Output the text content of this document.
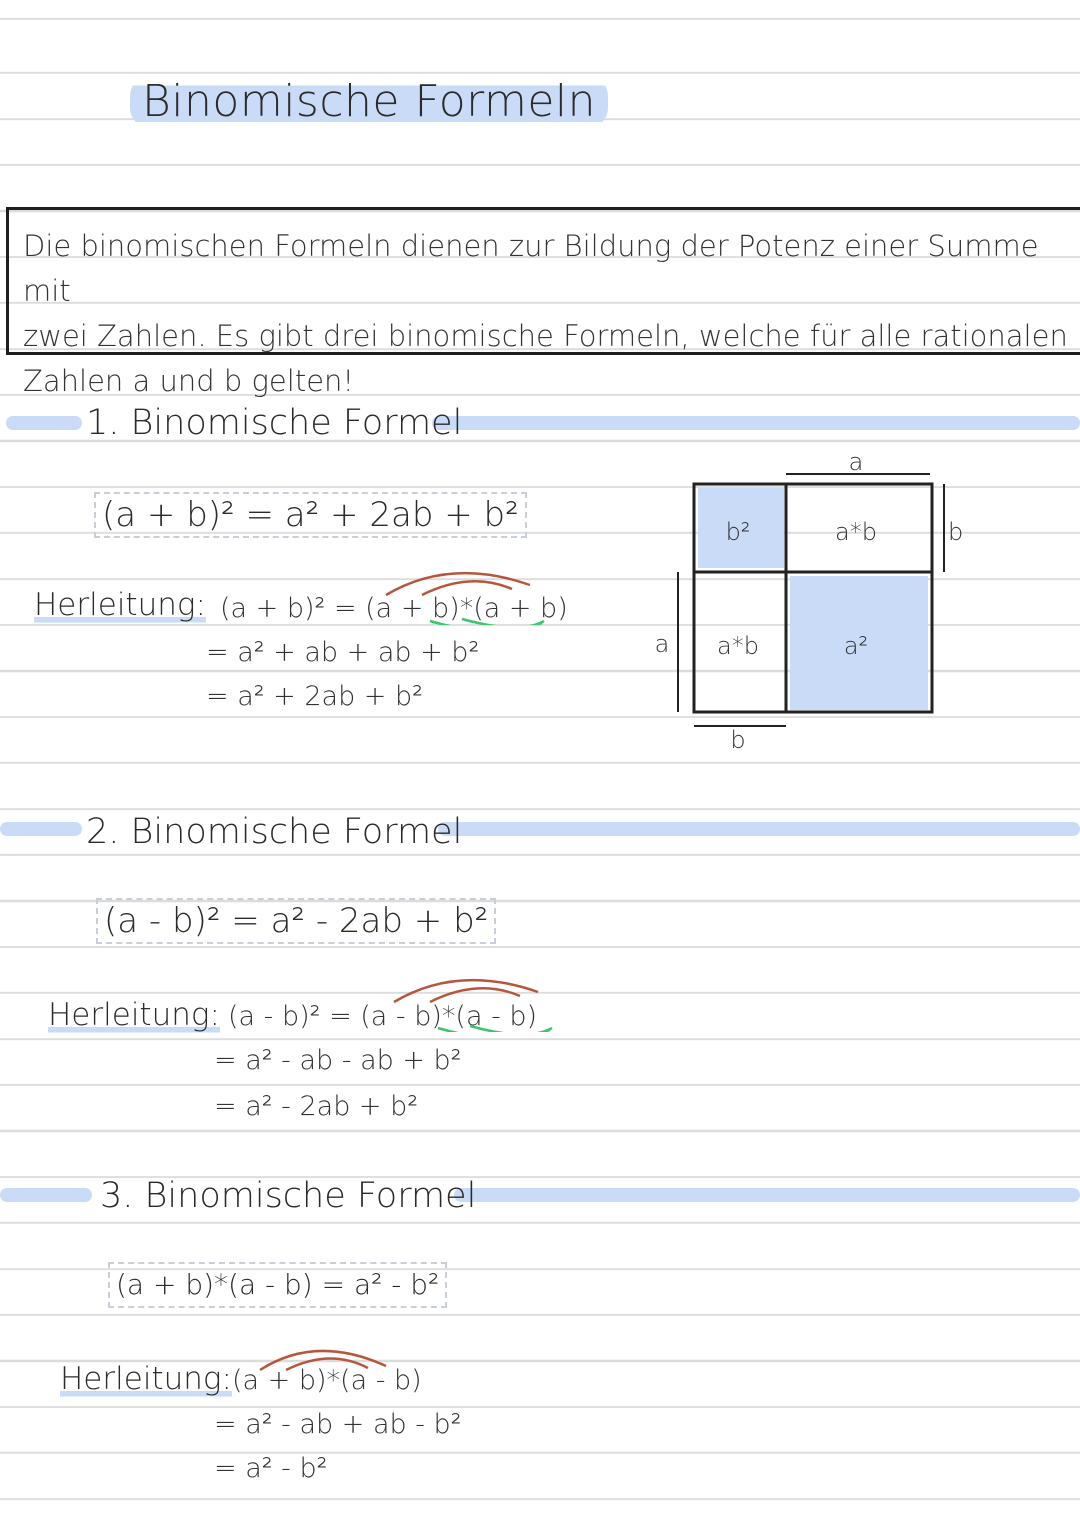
Binomische Formeln
Die binomischen Formeln dienen zur Bildung der Potenz einer Summe mit
zwei Zahlen. Es gibt drei binomische Formeln, welche für alle rationalen
Zahlen a und b gelten!
1. Binomische Formel
(a + b)² = a² + 2ab + b²
Herleitung: (a + b)² = (a + b)*(a + b)
= a² + ab + ab + b²
= a² + 2ab + b²
a
b
a
b
b²	a*b
a*b	a²
2. Binomische Formel
(a - b)² = a² - 2ab + b²
Herleitung: (a - b)² = (a - b)*(a - b)
= a² - ab - ab + b²
= a² - 2ab + b²
3. Binomische Formel
(a + b)*(a - b) = a² - b²
Herleitung: (a + b)*(a - b)
= a² - ab + ab - b²
= a² - b²
